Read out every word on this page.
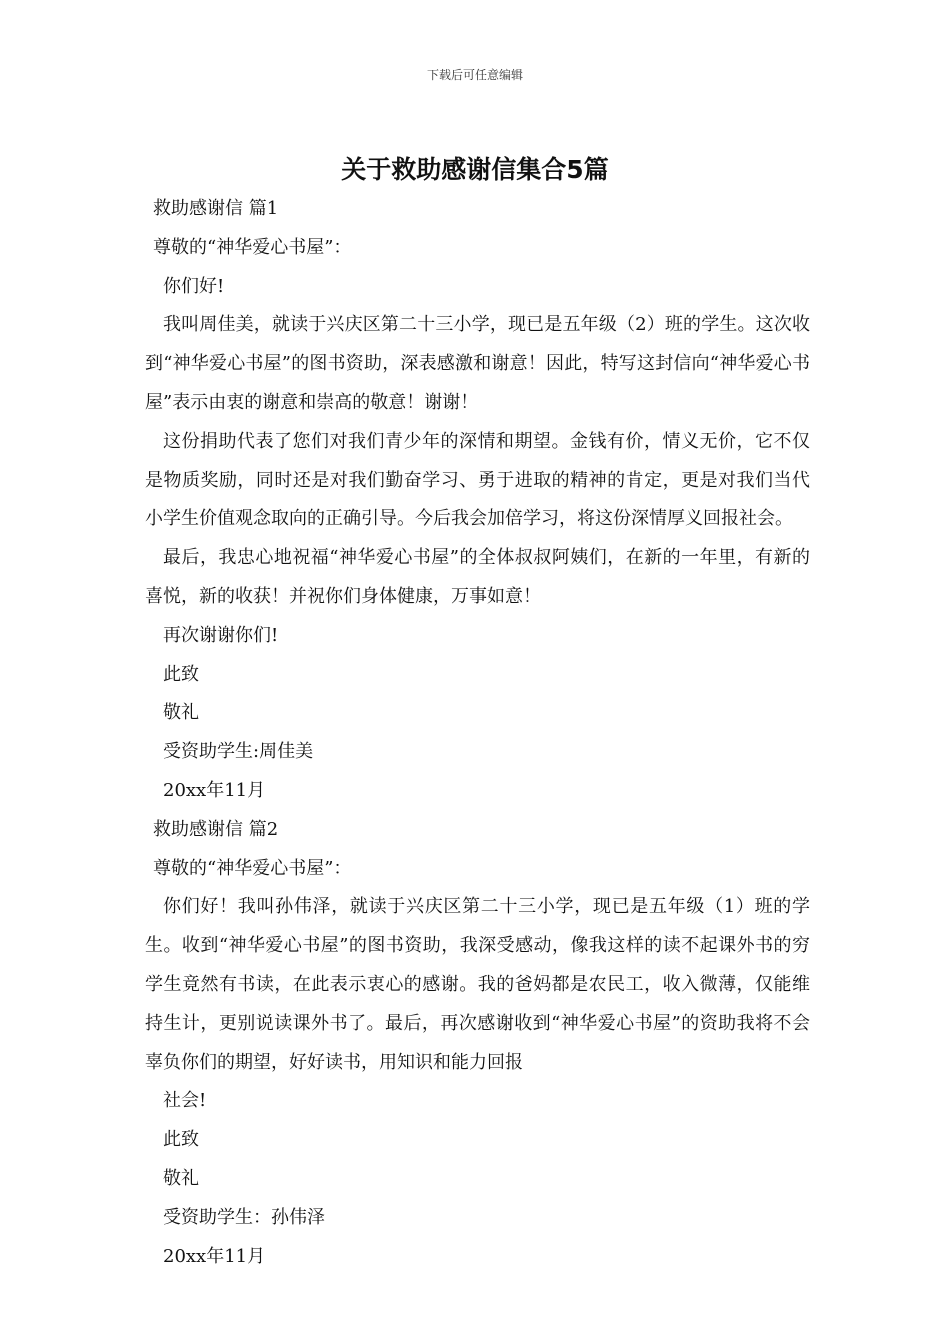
下载后可任意编辑
关于救助感谢信集合5篇

救助感谢信 篇1

尊敬的“神华爱心书屋”：

你们好!

我叫周佳美，就读于兴庆区第二十三小学，现已是五年级（2）班的学生。这次收到“神华爱心书屋”的图书资助，深表感激和谢意！因此，特写这封信向“神华爱心书屋”表示由衷的谢意和崇高的敬意！谢谢！

这份捐助代表了您们对我们青少年的深情和期望。金钱有价，情义无价，它不仅是物质奖励，同时还是对我们勤奋学习、勇于进取的精神的肯定，更是对我们当代小学生价值观念取向的正确引导。今后我会加倍学习，将这份深情厚义回报社会。

最后，我忠心地祝福“神华爱心书屋”的全体叔叔阿姨们，在新的一年里，有新的喜悦，新的收获！并祝你们身体健康，万事如意！

再次谢谢你们!

此致

敬礼

受资助学生:周佳美

20xx年11月

救助感谢信 篇2

尊敬的“神华爱心书屋”：

你们好！我叫孙伟泽，就读于兴庆区第二十三小学，现已是五年级（1）班的学生。收到“神华爱心书屋”的图书资助，我深受感动，像我这样的读不起课外书的穷学生竟然有书读，在此表示衷心的感谢。我的爸妈都是农民工，收入微薄，仅能维持生计，更别说读课外书了。最后，再次感谢收到“神华爱心书屋”的资助我将不会辜负你们的期望，好好读书，用知识和能力回报

社会!

此致

敬礼

受资助学生：孙伟泽

20xx年11月
